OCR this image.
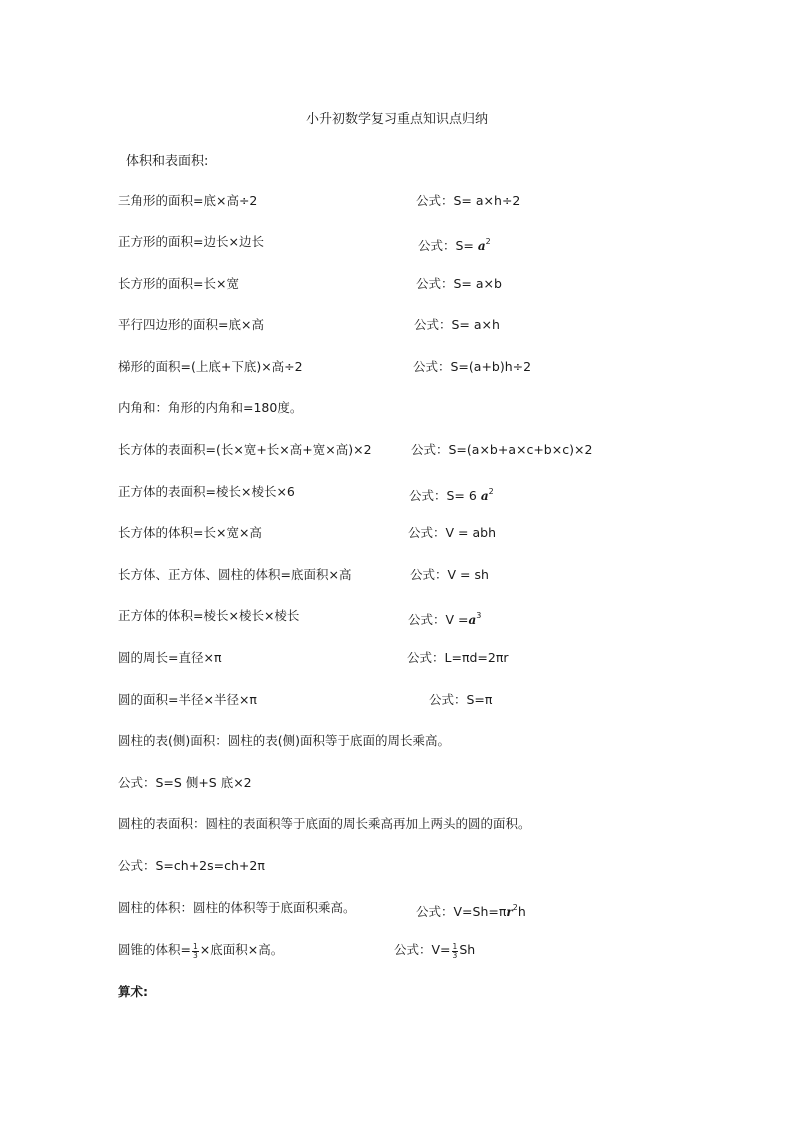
小升初数学复习重点知识点归纳
体积和表面积:
三角形的面积=底×高÷2	公式：S= a×h÷2
正方形的面积=边长×边长	公式：$S= a^2$
长方形的面积=长×宽	公式：S= a×b
平行四边形的面积=底×高	公式：S= a×h
梯形的面积=(上底+下底)×高÷2	公式：S=(a+b)h÷2
内角和：角形的内角和=180度。
长方体的表面积=(长×宽+长×高+宽×高)×2	公式：S=(a×b+a×c+b×c)×2
正方体的表面积=棱长×棱长×6	公式：S= 6 $a^2$
长方体的体积=长×宽×高	公式：V = abh
长方体、正方体、圆柱的体积=底面积×高	公式：V = sh
正方体的体积=棱长×棱长×棱长	公式：$V =a^3$
圆的周长=直径×π	公式：L=πd=2πr
圆的面积=半径×半径×π	公式：S=π
圆柱的表(侧)面积：圆柱的表(侧)面积等于底面的周长乘高。
公式：S=S 侧+S 底×2
圆柱的表面积：圆柱的表面积等于底面的周长乘高再加上两头的圆的面积。
公式：S=ch+2s=ch+2π
圆柱的体积：圆柱的体积等于底面积乘高。	公式：$V=Sh=\pi r^2h$
圆锥的体积= $\frac{1}{3}$ ×底面积×高。	公式：$V= \frac{1}{3}$ Sh
算术:
